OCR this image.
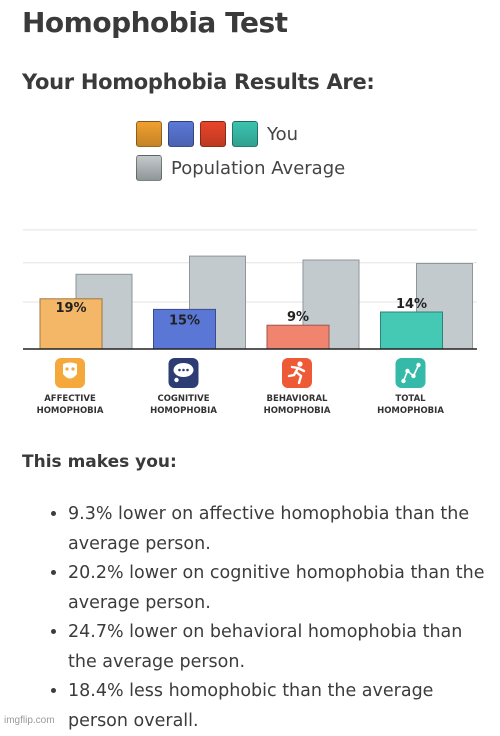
Homophobia Test
Your Homophobia Results Are:
You
Population Average
19%
AFFECTIVE
HOMOPHOBIA
15%
COGNITIVE
HOMOPHOBIA
9%
BEHAVIORAL
HOMOPHOBIA
14%
TOTAL
HOMOPHOBIA
This makes you:
• 9.3% lower on affective homophobia than the average person.
• 20.2% lower on cognitive homophobia than the average person.
• 24.7% lower on behavioral homophobia than the average person.
• 18.4% less homophobic than the average person overall.
imgflip.com
